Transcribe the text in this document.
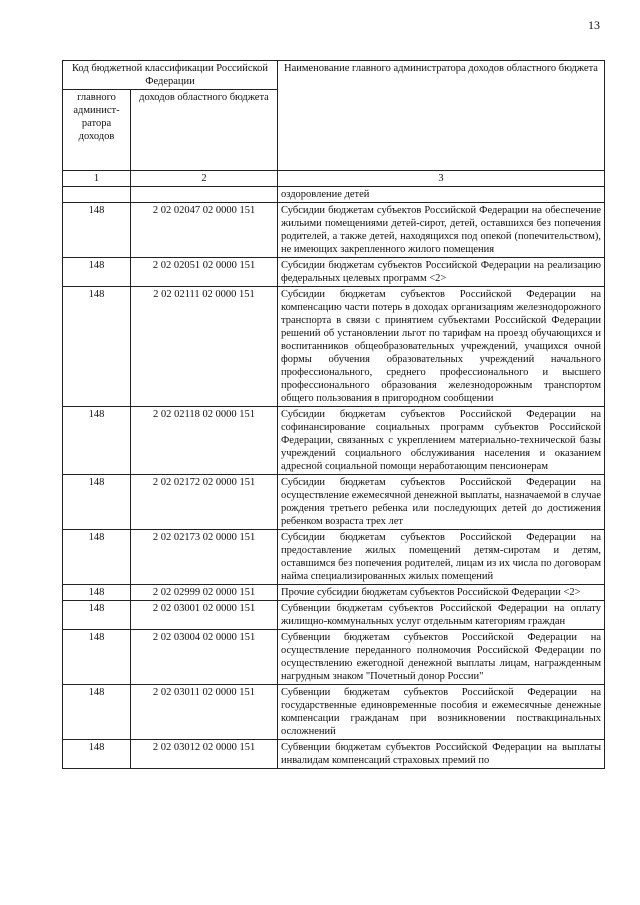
13
Код бюджетной классификации Российской Федерации		Наименование главного администратора доходов областного бюджета
главного админист-ратора доходов	доходов областного бюджета	
1	2	3
		оздоровление детей
148	2 02 02047 02 0000 151	Субсидии бюджетам субъектов Российской Федерации на обеспечение жильими помещениями детей-сирот, детей, оставшихся без попечения родителей, а также детей, находящихся под опекой (попечительством), не имеющих закрепленного жилого помещения
148	2 02 02051 02 0000 151	Субсидии бюджетам субъектов Российской Федерации на реализацию федеральных целевых программ <2>
148	2 02 02111 02 0000 151	Субсидии бюджетам субъектов Российской Федерации на компенсацию части потерь в доходах организациям железнодорожного транспорта в связи с принятием субъектами Российской Федерации решений об установлении льгот по тарифам на проезд обучающихся и воспитанников общеобразовательных учреждений, учащихся очной формы обучения образовательных учреждений начального профессионального, среднего профессионального и высшего профессионального образования железнодорожным транспортом общего пользования в пригородном сообщении
148	2 02 02118 02 0000 151	Субсидии бюджетам субъектов Российской Федерации на софинансирование социальных программ субъектов Российской Федерации, связанных с укреплением материально-технической базы учреждений социального обслуживания населения и оказанием адресной социальной помощи неработающим пенсионерам
148	2 02 02172 02 0000 151	Субсидии бюджетам субъектов Российской Федерации на осуществление ежемесячной денежной выплаты, назначаемой в случае рождения третьего ребенка или последующих детей до достижения ребенком возраста трех лет
148	2 02 02173 02 0000 151	Субсидии бюджетам субъектов Российской Федерации на предоставление жилых помещений детям-сиротам и детям, оставшимся без попечения родителей, лицам из их числа по договорам найма специализированных жилых помещений
148	2 02 02999 02 0000 151	Прочие субсидии бюджетам субъектов Российской Федерации <2>
148	2 02 03001 02 0000 151	Субвенции бюджетам субъектов Российской Федерации на оплату жилищно-коммунальных услуг отдельным категориям граждан
148	2 02 03004 02 0000 151	Субвенции бюджетам субъектов Российской Федерации на осуществление переданного полномочия Российской Федерации по осуществлению ежегодной денежной выплаты лицам, награжденным нагрудным знаком "Почетный донор России"
148	2 02 03011 02 0000 151	Субвенции бюджетам субъектов Российской Федерации на государственные единовременные пособия и ежемесячные денежные компенсации гражданам при возникновении поствакцинальных осложнений
148	2 02 03012 02 0000 151	Субвенции бюджетам субъектов Российской Федерации на выплаты инвалидам компенсаций страховых премий по
